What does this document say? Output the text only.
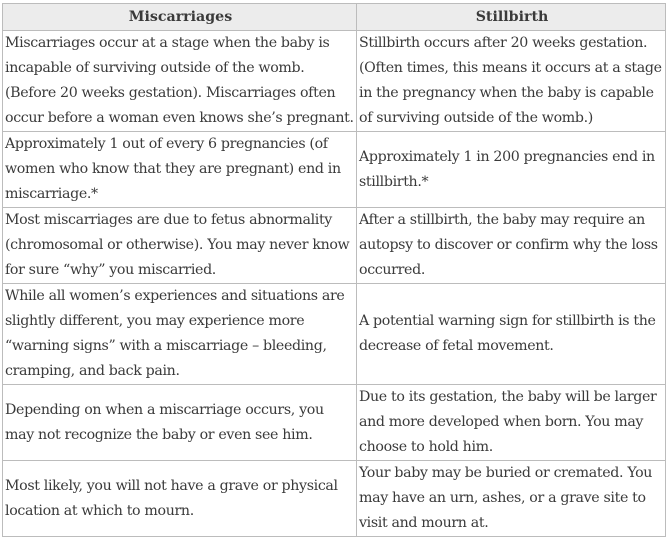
Miscarriages	Stillbirth
Miscarriages occur at a stage when the baby is incapable of surviving outside of the womb. (Before 20 weeks gestation). Miscarriages often occur before a woman even knows she’s pregnant.	Stillbirth occurs after 20 weeks gestation. (Often times, this means it occurs at a stage in the pregnancy when the baby is capable of surviving outside of the womb.)
Approximately 1 out of every 6 pregnancies (of women who know that they are pregnant) end in miscarriage.*	Approximately 1 in 200 pregnancies end in stillbirth.*
Most miscarriages are due to fetus abnormality (chromosomal or otherwise). You may never know for sure “why” you miscarried.	After a stillbirth, the baby may require an autopsy to discover or confirm why the loss occurred.
While all women’s experiences and situations are slightly different, you may experience more “warning signs” with a miscarriage – bleeding, cramping, and back pain.	A potential warning sign for stillbirth is the decrease of fetal movement.
Depending on when a miscarriage occurs, you may not recognize the baby or even see him.	Due to its gestation, the baby will be larger and more developed when born. You may choose to hold him.
Most likely, you will not have a grave or physical location at which to mourn.	Your baby may be buried or cremated. You may have an urn, ashes, or a grave site to visit and mourn at.
